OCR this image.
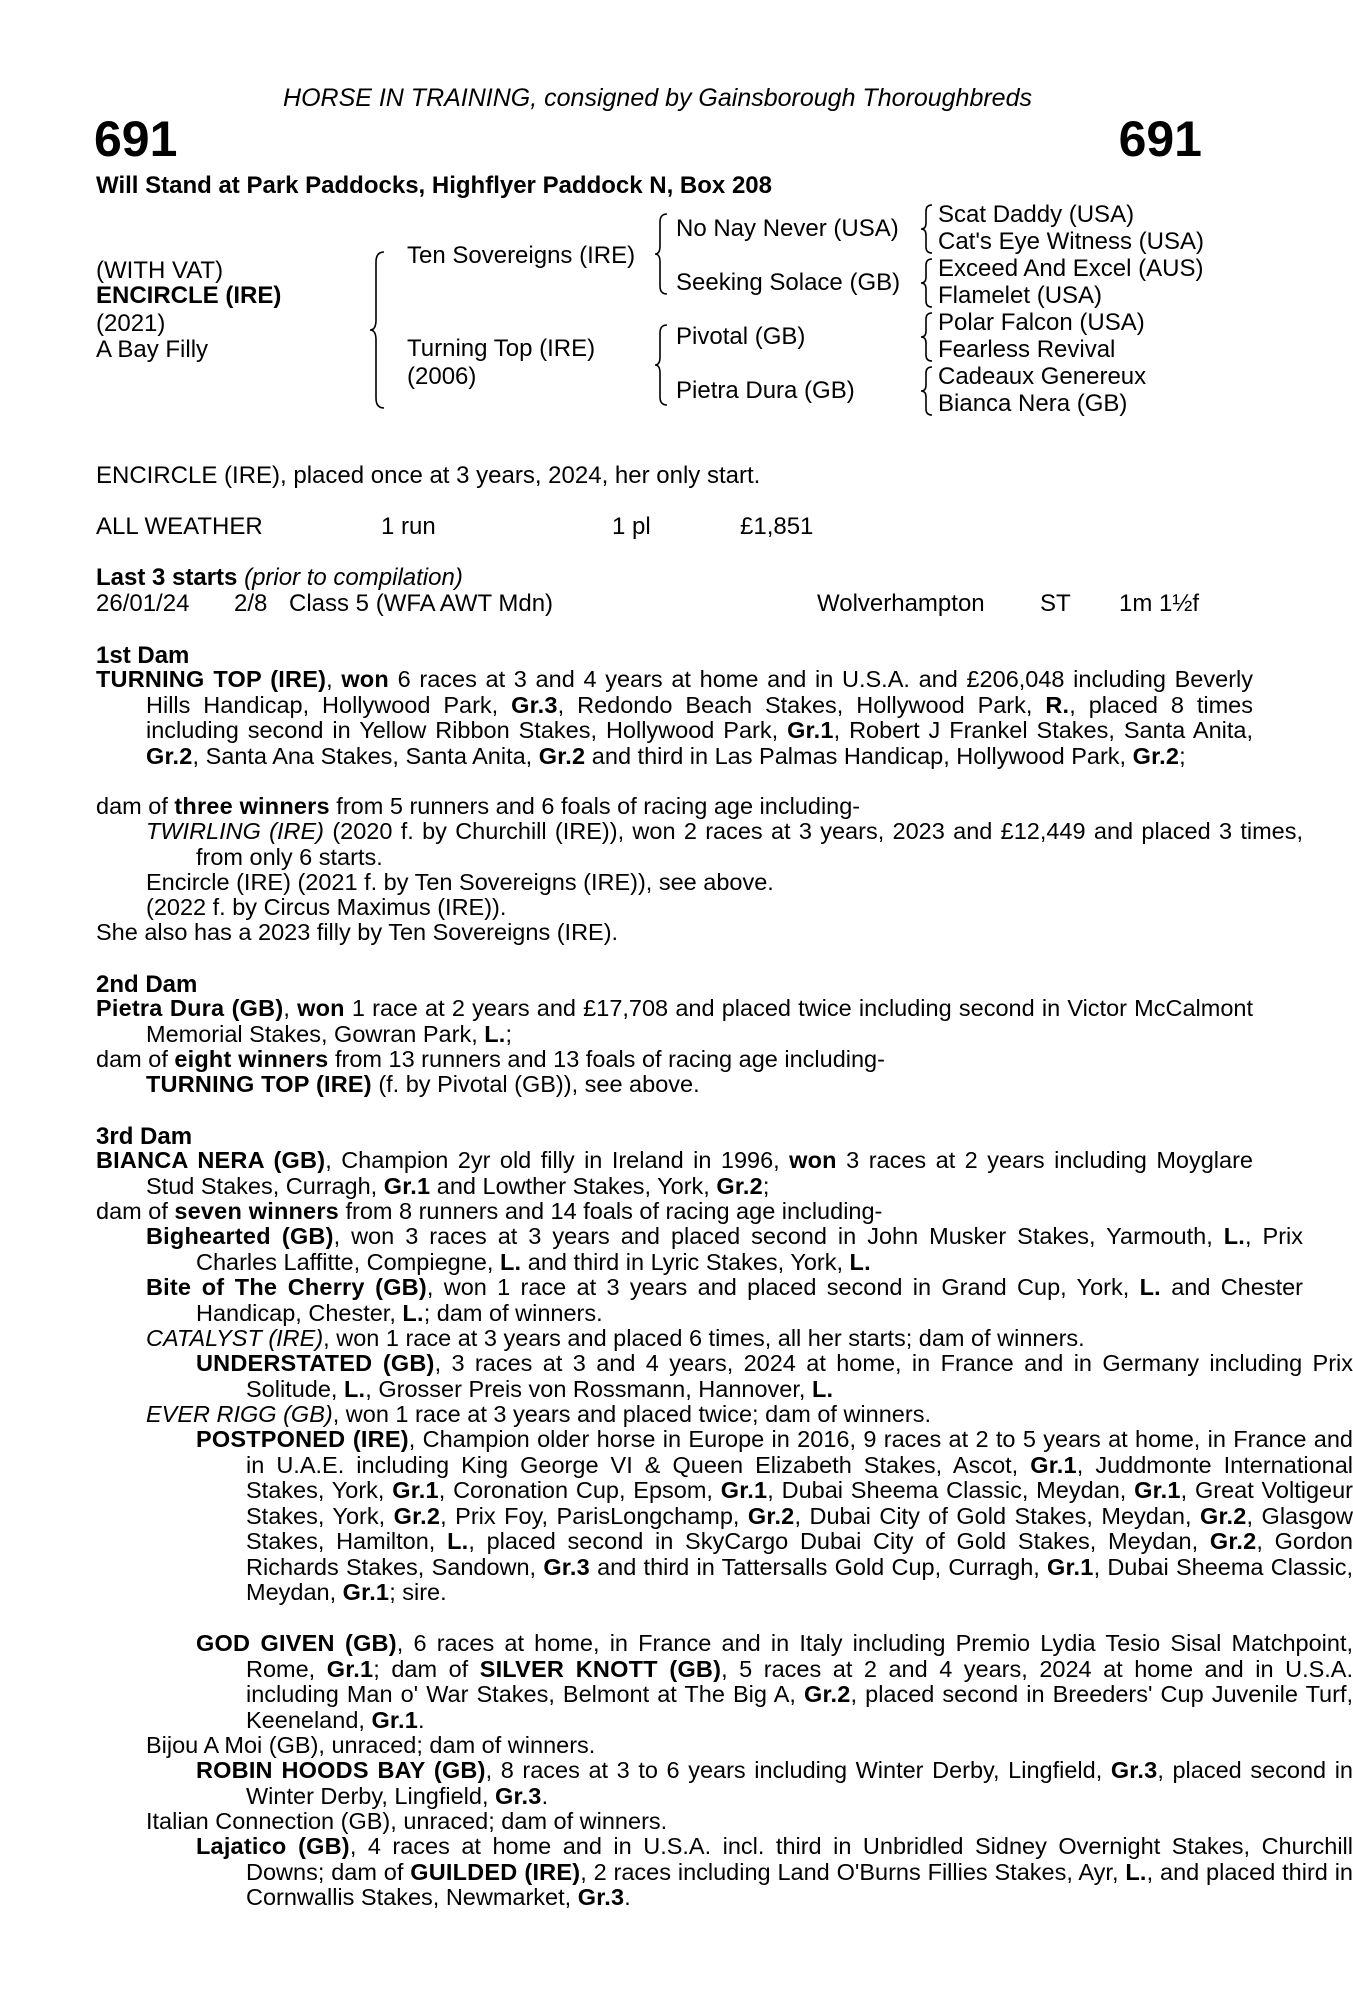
HORSE IN TRAINING, consigned by Gainsborough Thoroughbreds
691	691
Will Stand at Park Paddocks, Highflyer Paddock N, Box 208
(WITH VAT)
ENCIRCLE (IRE)
(2021)
A Bay Filly
Ten Sovereigns (IRE)
Turning Top (IRE)
(2006)
No Nay Never (USA)
Seeking Solace (GB)
Pivotal (GB)
Pietra Dura (GB)
Scat Daddy (USA)
Cat's Eye Witness (USA)
Exceed And Excel (AUS)
Flamelet (USA)
Polar Falcon (USA)
Fearless Revival
Cadeaux Genereux
Bianca Nera (GB)
ENCIRCLE (IRE), placed once at 3 years, 2024, her only start.
ALL WEATHER	1 run	1 pl	£1,851
Last 3 starts (prior to compilation)
26/01/24 2/8 Class 5 (WFA AWT Mdn)	Wolverhampton ST 1m 1½f
1st Dam
TURNING TOP (IRE), won 6 races at 3 and 4 years at home and in U.S.A. and £206,048 including Beverly Hills Handicap, Hollywood Park, Gr.3, Redondo Beach Stakes, Hollywood Park, R., placed 8 times including second in Yellow Ribbon Stakes, Hollywood Park, Gr.1, Robert J Frankel Stakes, Santa Anita, Gr.2, Santa Ana Stakes, Santa Anita, Gr.2 and third in Las Palmas Handicap, Hollywood Park, Gr.2;
dam of three winners from 5 runners and 6 foals of racing age including-
TWIRLING (IRE) (2020 f. by Churchill (IRE)), won 2 races at 3 years, 2023 and £12,449 and placed 3 times, from only 6 starts.
Encircle (IRE) (2021 f. by Ten Sovereigns (IRE)), see above.
(2022 f. by Circus Maximus (IRE)).
She also has a 2023 filly by Ten Sovereigns (IRE).
2nd Dam
Pietra Dura (GB), won 1 race at 2 years and £17,708 and placed twice including second in Victor McCalmont Memorial Stakes, Gowran Park, L.;
dam of eight winners from 13 runners and 13 foals of racing age including-
TURNING TOP (IRE) (f. by Pivotal (GB)), see above.
3rd Dam
BIANCA NERA (GB), Champion 2yr old filly in Ireland in 1996, won 3 races at 2 years including Moyglare Stud Stakes, Curragh, Gr.1 and Lowther Stakes, York, Gr.2;
dam of seven winners from 8 runners and 14 foals of racing age including-
Bighearted (GB), won 3 races at 3 years and placed second in John Musker Stakes, Yarmouth, L., Prix Charles Laffitte, Compiegne, L. and third in Lyric Stakes, York, L.
Bite of The Cherry (GB), won 1 race at 3 years and placed second in Grand Cup, York, L. and Chester Handicap, Chester, L.; dam of winners.
CATALYST (IRE), won 1 race at 3 years and placed 6 times, all her starts; dam of winners.
UNDERSTATED (GB), 3 races at 3 and 4 years, 2024 at home, in France and in Germany including Prix Solitude, L., Grosser Preis von Rossmann, Hannover, L.
EVER RIGG (GB), won 1 race at 3 years and placed twice; dam of winners.
POSTPONED (IRE), Champion older horse in Europe in 2016, 9 races at 2 to 5 years at home, in France and in U.A.E. including King George VI & Queen Elizabeth Stakes, Ascot, Gr.1, Juddmonte International Stakes, York, Gr.1, Coronation Cup, Epsom, Gr.1, Dubai Sheema Classic, Meydan, Gr.1, Great Voltigeur Stakes, York, Gr.2, Prix Foy, ParisLongchamp, Gr.2, Dubai City of Gold Stakes, Meydan, Gr.2, Glasgow Stakes, Hamilton, L., placed second in SkyCargo Dubai City of Gold Stakes, Meydan, Gr.2, Gordon Richards Stakes, Sandown, Gr.3 and third in Tattersalls Gold Cup, Curragh, Gr.1, Dubai Sheema Classic, Meydan, Gr.1; sire.
GOD GIVEN (GB), 6 races at home, in France and in Italy including Premio Lydia Tesio Sisal Matchpoint, Rome, Gr.1; dam of SILVER KNOTT (GB), 5 races at 2 and 4 years, 2024 at home and in U.S.A. including Man o' War Stakes, Belmont at The Big A, Gr.2, placed second in Breeders' Cup Juvenile Turf, Keeneland, Gr.1.
Bijou A Moi (GB), unraced; dam of winners.
ROBIN HOODS BAY (GB), 8 races at 3 to 6 years including Winter Derby, Lingfield, Gr.3, placed second in Winter Derby, Lingfield, Gr.3.
Italian Connection (GB), unraced; dam of winners.
Lajatico (GB), 4 races at home and in U.S.A. incl. third in Unbridled Sidney Overnight Stakes, Churchill Downs; dam of GUILDED (IRE), 2 races including Land O'Burns Fillies Stakes, Ayr, L., and placed third in Cornwallis Stakes, Newmarket, Gr.3.
